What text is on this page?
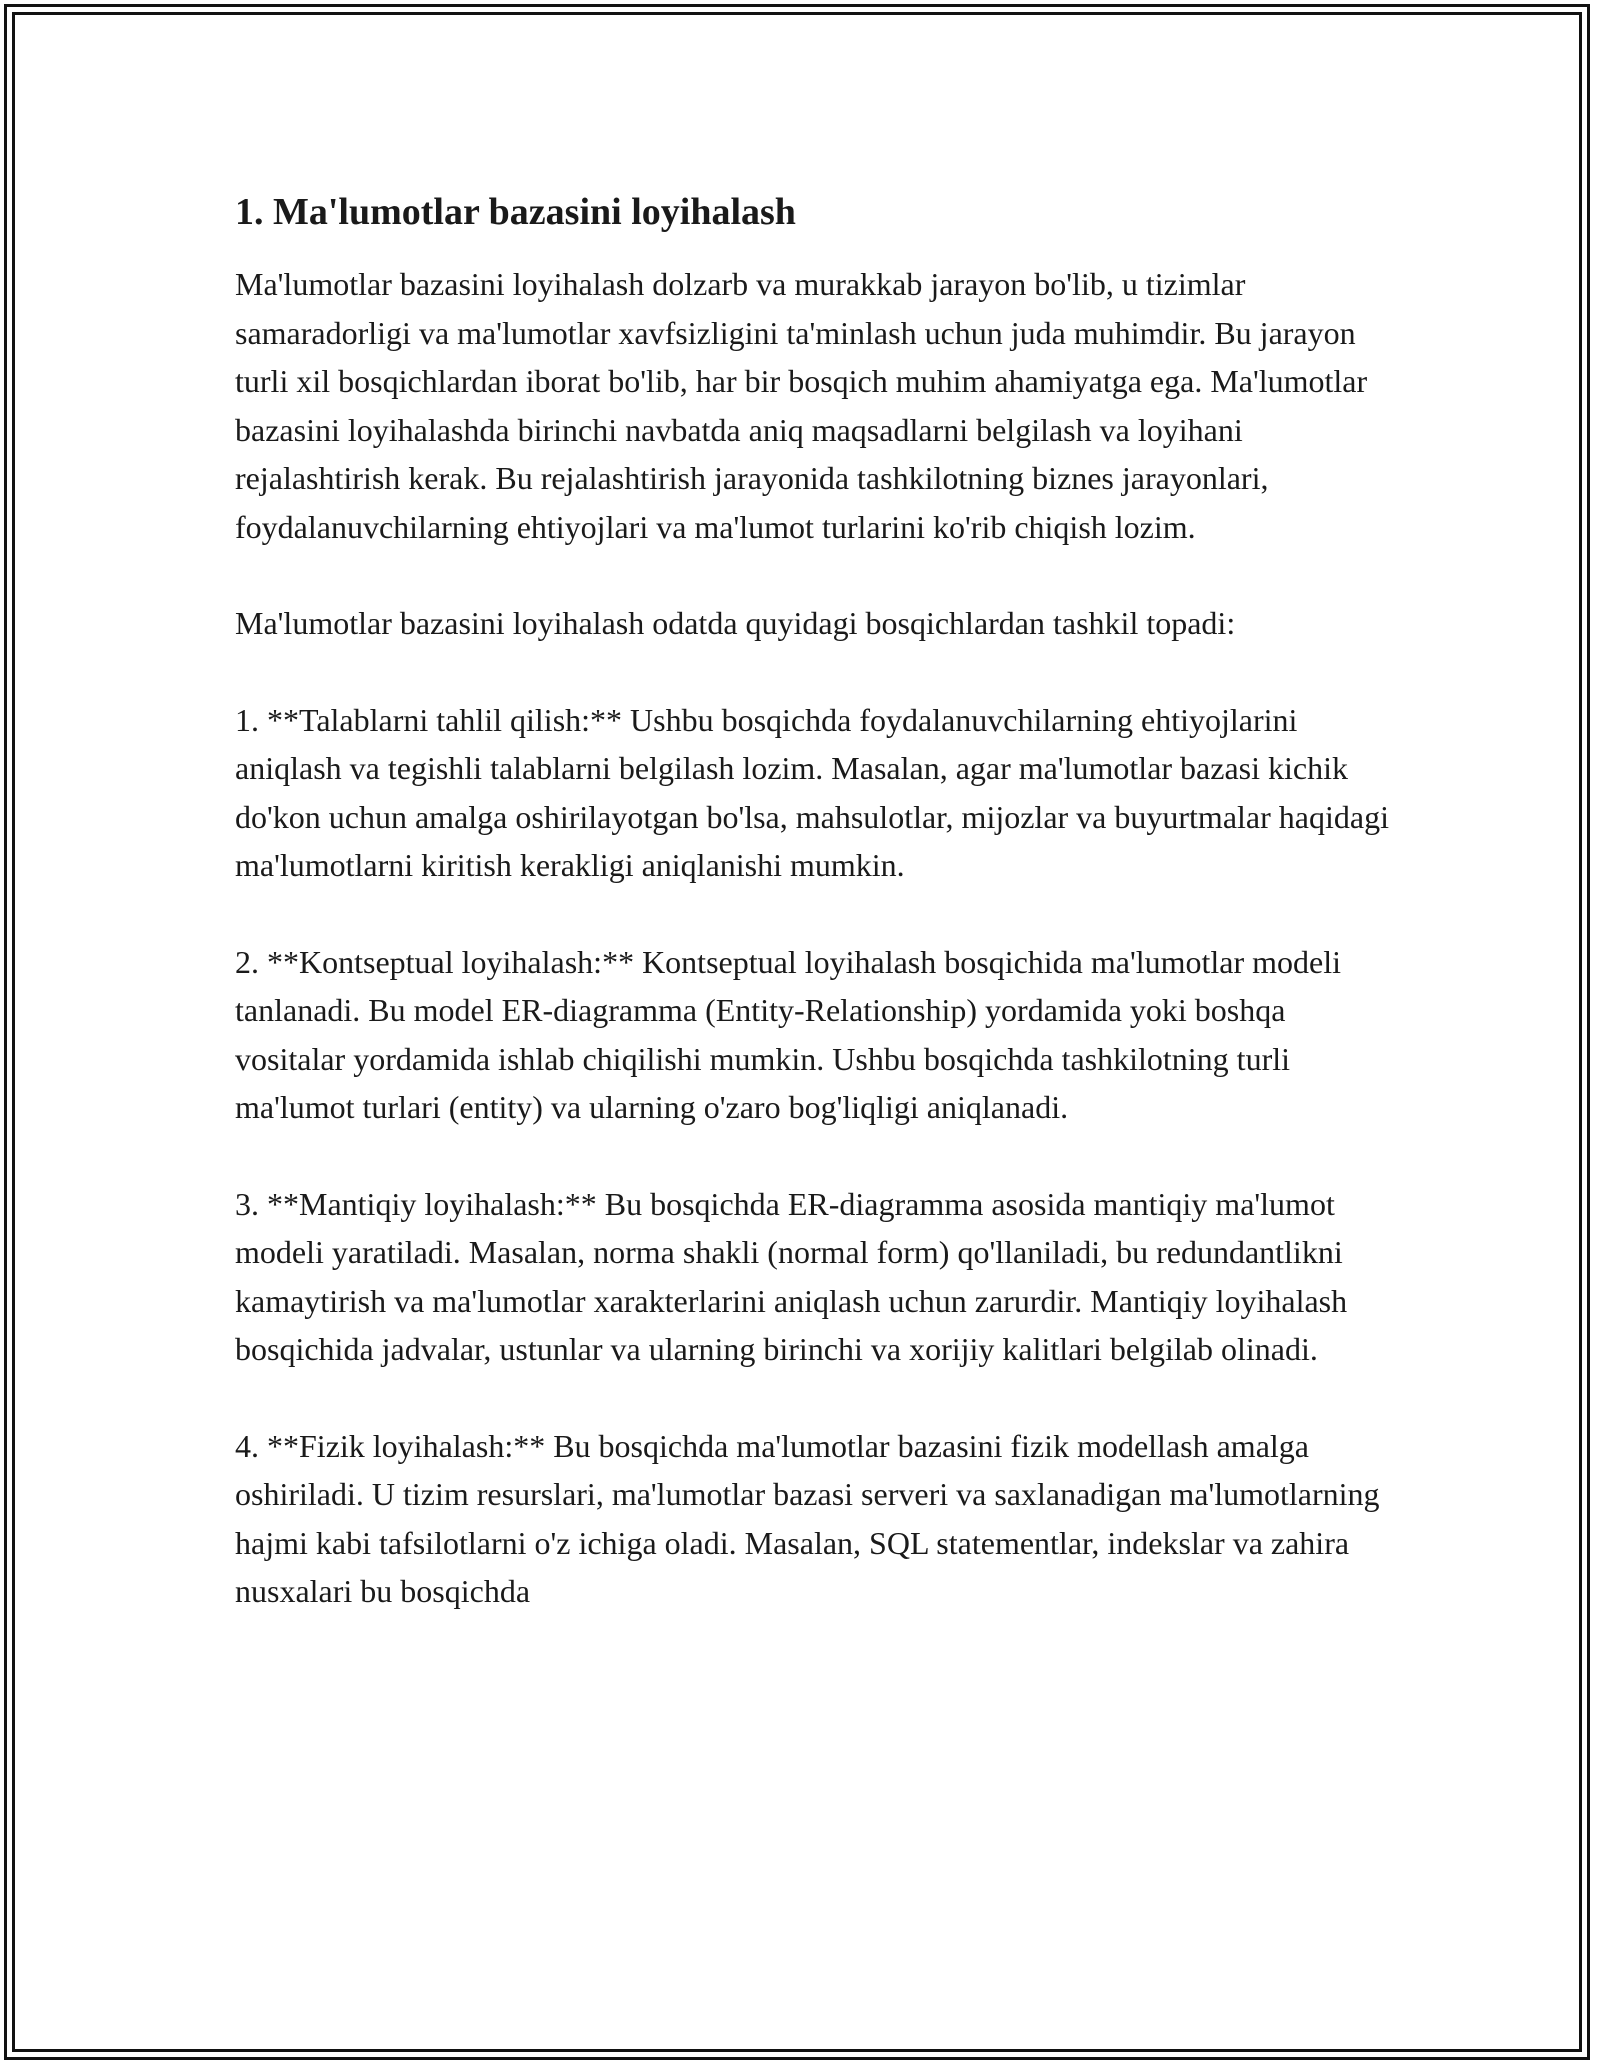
1. Ma'lumotlar bazasini loyihalash

Ma'lumotlar bazasini loyihalash dolzarb va murakkab jarayon bo'lib, u tizimlar samaradorligi va ma'lumotlar xavfsizligini ta'minlash uchun juda muhimdir. Bu jarayon turli xil bosqichlardan iborat bo'lib, har bir bosqich muhim ahamiyatga ega. Ma'lumotlar bazasini loyihalashda birinchi navbatda aniq maqsadlarni belgilash va loyihani rejalashtirish kerak. Bu rejalashtirish jarayonida tashkilotning biznes jarayonlari, foydalanuvchilarning ehtiyojlari va ma'lumot turlarini ko'rib chiqish lozim.

Ma'lumotlar bazasini loyihalash odatda quyidagi bosqichlardan tashkil topadi:

1. **Talablarni tahlil qilish:** Ushbu bosqichda foydalanuvchilarning ehtiyojlarini aniqlash va tegishli talablarni belgilash lozim. Masalan, agar ma'lumotlar bazasi kichik do'kon uchun amalga oshirilayotgan bo'lsa, mahsulotlar, mijozlar va buyurtmalar haqidagi ma'lumotlarni kiritish kerakligi aniqlanishi mumkin.

2. **Kontseptual loyihalash:** Kontseptual loyihalash bosqichida ma'lumotlar modeli tanlanadi. Bu model ER-diagramma (Entity-Relationship) yordamida yoki boshqa vositalar yordamida ishlab chiqilishi mumkin. Ushbu bosqichda tashkilotning turli ma'lumot turlari (entity) va ularning o'zaro bog'liqligi aniqlanadi.

3. **Mantiqiy loyihalash:** Bu bosqichda ER-diagramma asosida mantiqiy ma'lumot modeli yaratiladi. Masalan, norma shakli (normal form) qo'llaniladi, bu redundantlikni kamaytirish va ma'lumotlar xarakterlarini aniqlash uchun zarurdir. Mantiqiy loyihalash bosqichida jadvalar, ustunlar va ularning birinchi va xorijiy kalitlari belgilab olinadi.

4. **Fizik loyihalash:** Bu bosqichda ma'lumotlar bazasini fizik modellash amalga oshiriladi. U tizim resurslari, ma'lumotlar bazasi serveri va saxlanadigan ma'lumotlarning hajmi kabi tafsilotlarni o'z ichiga oladi. Masalan, SQL statementlar, indekslar va zahira nusxalari bu bosqichda
